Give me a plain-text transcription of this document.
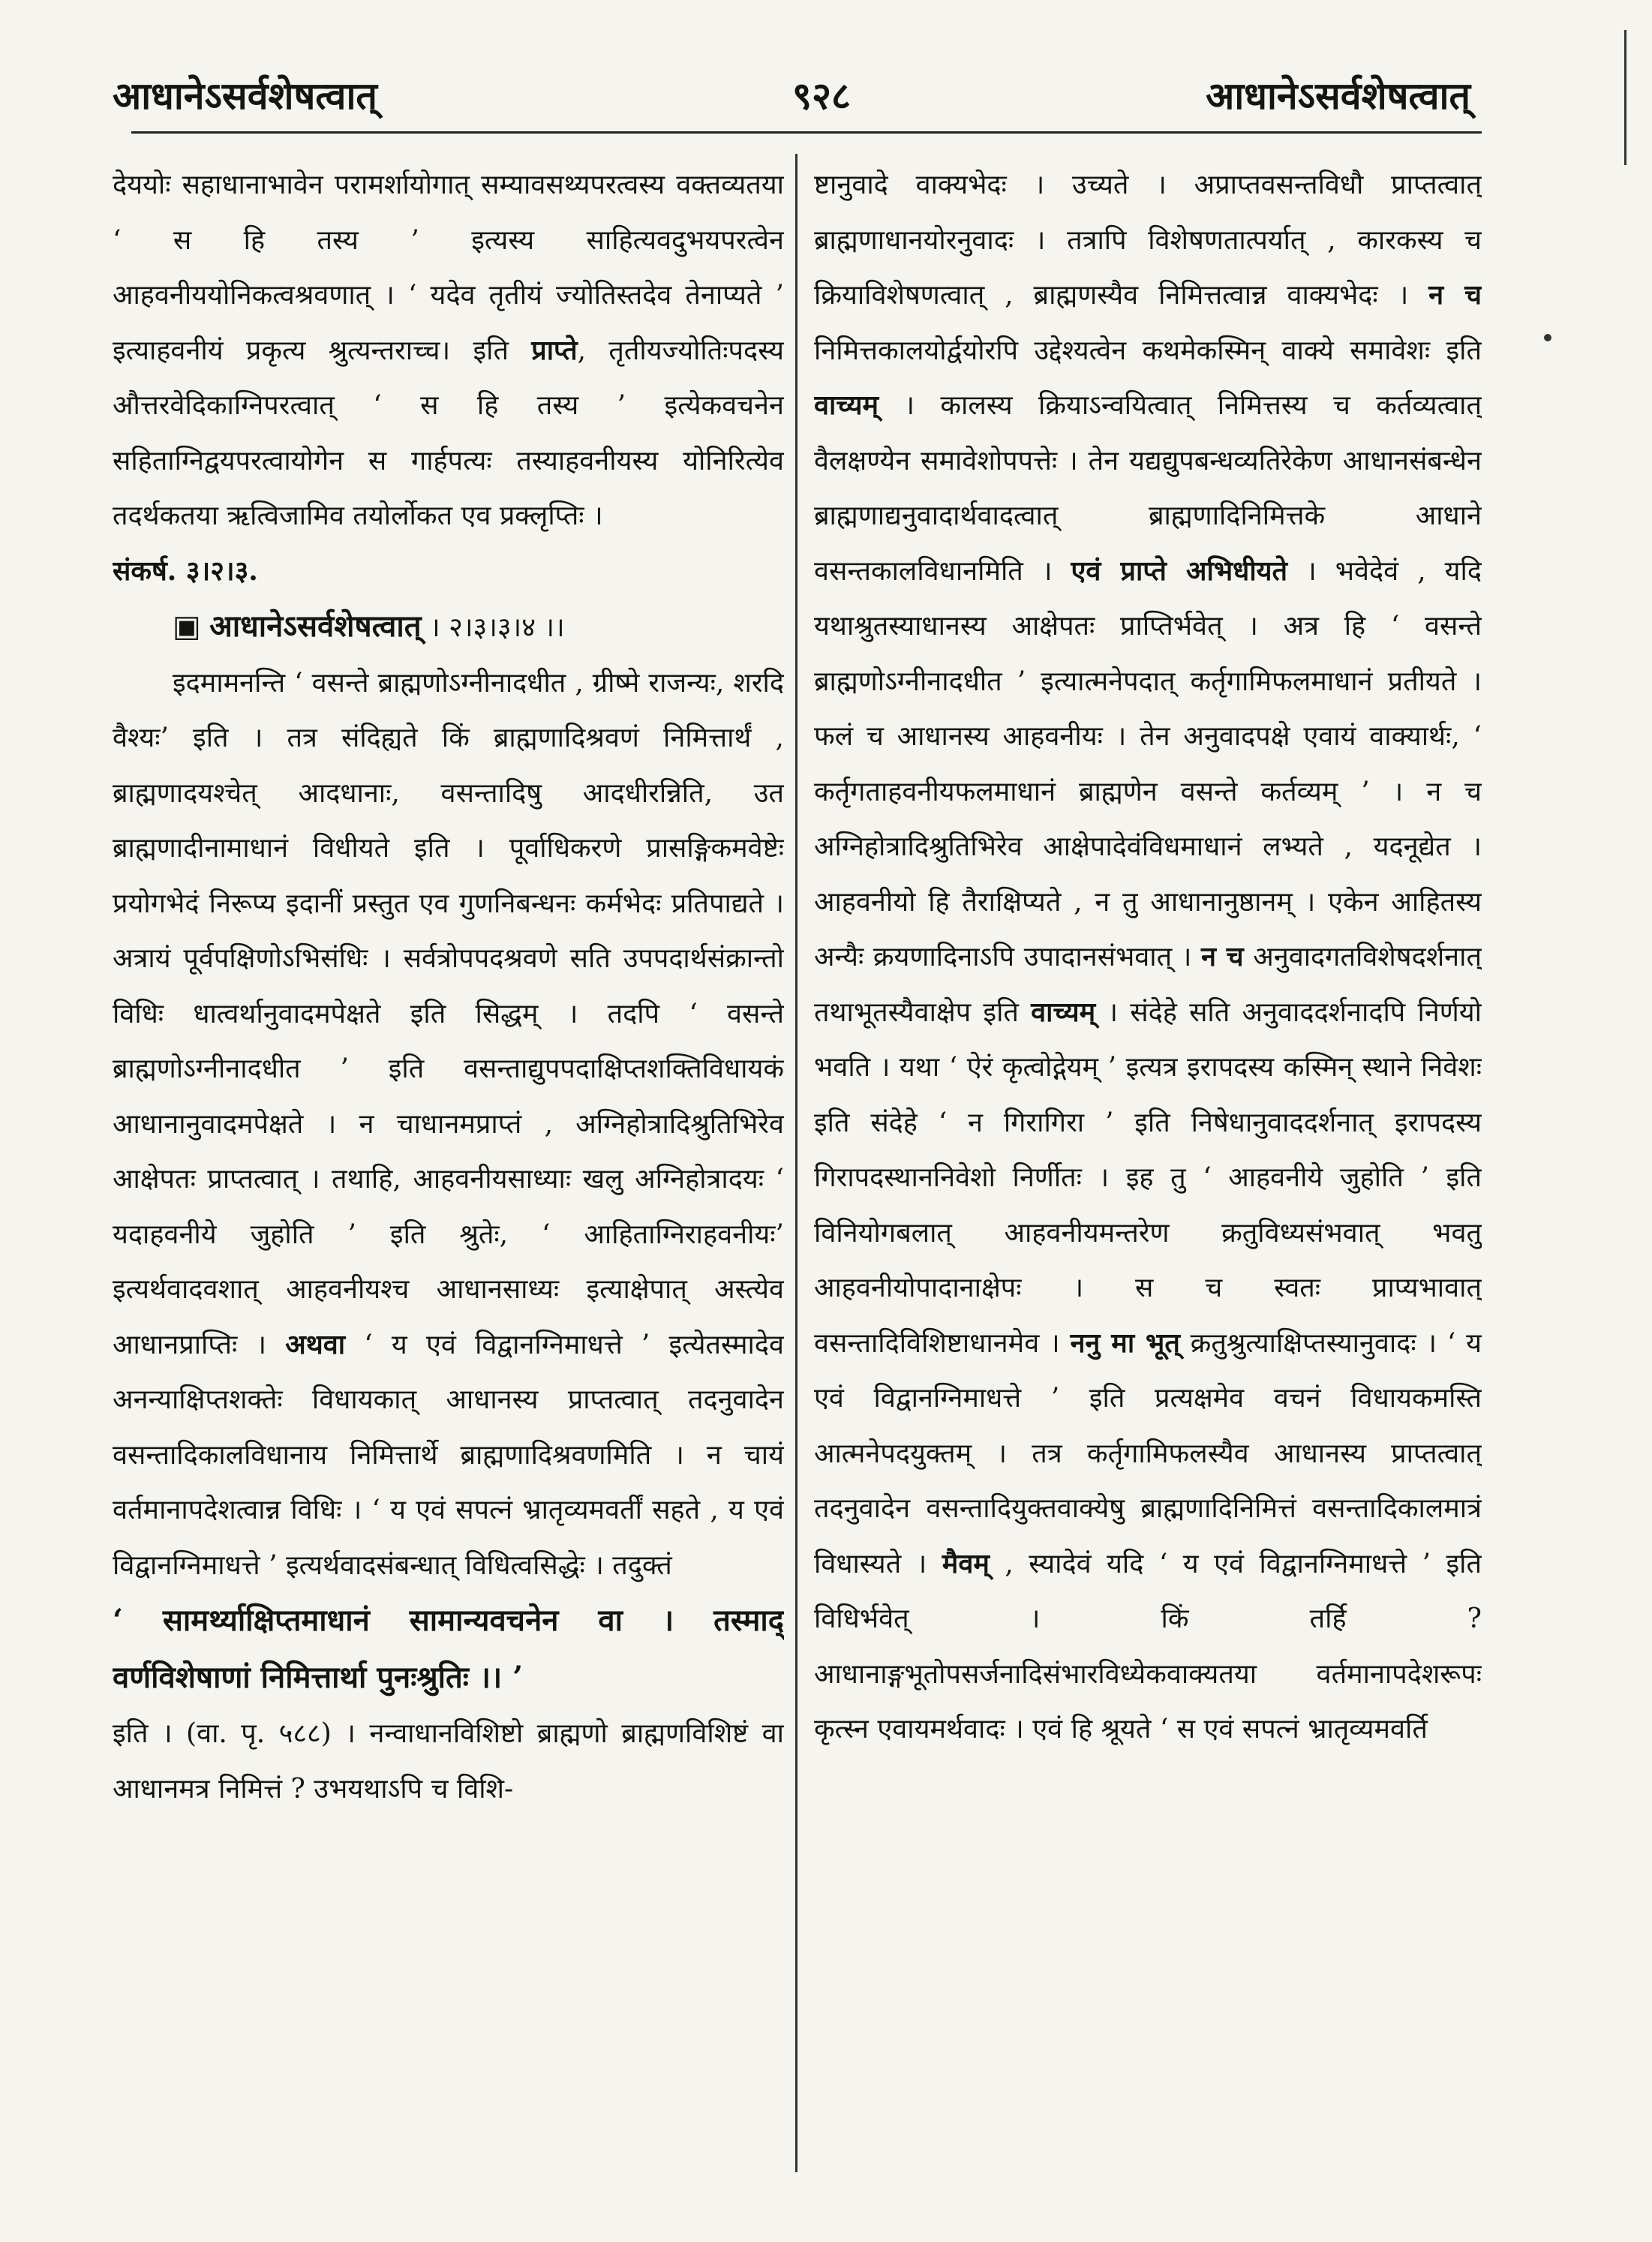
आधानेऽसर्वशेषत्वात्	९२८	आधानेऽसर्वशेषत्वात्

देययोः सहाधानाभावेन परामर्शायोगात् सम्यावसथ्यपरत्वस्य वक्तव्यतया ‘ स हि तस्य ’ इत्यस्य साहित्यवदुभयपरत्वेन आहवनीययोनिकत्वश्रवणात् । ‘ यदेव तृतीयं ज्योतिस्तदेव तेनाप्यते ’ इत्याहवनीयं प्रकृत्य श्रुत्यन्तराच्च। इति प्राप्ते, तृतीयज्योतिःपदस्य औत्तरवेदिकाग्निपरत्वात् ‘ स हि तस्य ’ इत्येकवचनेन सहिताग्निद्वयपरत्वायोगेन स गार्हपत्यः तस्याहवनीयस्य योनिरित्येव तदर्थकतया ऋत्विजामिव तयोर्लोकत एव प्रक्लृप्तिः ।

संकर्ष. ३।२।३.

▣ आधानेऽसर्वशेषत्वात् । २।३।३।४ ।।

इदमामनन्ति ‘ वसन्ते ब्राह्मणोऽग्नीनादधीत , ग्रीष्मे राजन्यः, शरदि वैश्यः’ इति । तत्र संदिह्यते किं ब्राह्मणादिश्रवणं निमित्तार्थं , ब्राह्मणादयश्चेत् आदधानाः, वसन्तादिषु आदधीरन्निति, उत ब्राह्मणादीनामाधानं विधीयते इति । पूर्वाधिकरणे प्रासङ्गिकमवेष्टेः प्रयोगभेदं निरूप्य इदानीं प्रस्तुत एव गुणनिबन्धनः कर्मभेदः प्रतिपाद्यते । अत्रायं पूर्वपक्षिणोऽभिसंधिः । सर्वत्रोपपदश्रवणे सति उपपदार्थसंक्रान्तो विधिः धात्वर्थानुवादमपेक्षते इति सिद्धम् । तदपि ‘ वसन्ते ब्राह्मणोऽग्नीनादधीत ’ इति वसन्ताद्युपपदाक्षिप्तशक्तिविधायकं आधानानुवादमपेक्षते । न चाधानमप्राप्तं , अग्निहोत्रादिश्रुतिभिरेव आक्षेपतः प्राप्तत्वात् । तथाहि, आहवनीयसाध्याः खलु अग्निहोत्रादयः ‘ यदाहवनीये जुहोति ’ इति श्रुतेः, ‘ आहिताग्निराहवनीयः’ इत्यर्थवादवशात् आहवनीयश्च आधानसाध्यः इत्याक्षेपात् अस्त्येव आधानप्राप्तिः । अथवा ‘ य एवं विद्वानग्निमाधत्ते ’ इत्येतस्मादेव अनन्याक्षिप्तशक्तेः विधायकात् आधानस्य प्राप्तत्वात् तदनुवादेन वसन्तादिकालविधानाय निमित्तार्थे ब्राह्मणादिश्रवणमिति । न चायं वर्तमानापदेशत्वान्न विधिः । ‘ य एवं सपत्नं भ्रातृव्यमवर्तीं सहते , य एवं विद्वानग्निमाधत्ते ’ इत्यर्थवादसंबन्धात् विधित्वसिद्धेः । तदुक्तं

‘ सामर्थ्याक्षिप्तमाधानं सामान्यवचनेन वा । तस्माद् वर्णविशेषाणां निमित्तार्था पुनःश्रुतिः ।। ’

इति । (वा. पृ. ५८८) । नन्वाधानविशिष्टो ब्राह्मणो ब्राह्मणविशिष्टं वा आधानमत्र निमित्तं ? उभयथाऽपि च विशि-

ष्टानुवादे वाक्यभेदः । उच्यते । अप्राप्तवसन्तविधौ प्राप्तत्वात् ब्राह्मणाधानयोरनुवादः । तत्रापि विशेषणतात्पर्यात् , कारकस्य च क्रियाविशेषणत्वात् , ब्राह्मणस्यैव निमित्तत्वान्न वाक्यभेदः । न च निमित्तकालयोर्द्वयोरपि उद्देश्यत्वेन कथमेकस्मिन् वाक्ये समावेशः इति वाच्यम् । कालस्य क्रियाऽन्वयित्वात् निमित्तस्य च कर्तव्यत्वात् वैलक्षण्येन समावेशोपपत्तेः । तेन यद्यद्युपबन्धव्यतिरेकेण आधानसंबन्धेन ब्राह्मणाद्यनुवादार्थवादत्वात् ब्राह्मणादिनिमित्तके आधाने वसन्तकालविधानमिति । एवं प्राप्ते अभिधीयते । भवेदेवं , यदि यथाश्रुतस्याधानस्य आक्षेपतः प्राप्तिर्भवेत् । अत्र हि ‘ वसन्ते ब्राह्मणोऽग्नीनादधीत ’ इत्यात्मनेपदात् कर्तृगामिफलमाधानं प्रतीयते । फलं च आधानस्य आहवनीयः । तेन अनुवादपक्षे एवायं वाक्यार्थः, ‘ कर्तृगताहवनीयफलमाधानं ब्राह्मणेन वसन्ते कर्तव्यम् ’ । न च अग्निहोत्रादिश्रुतिभिरेव आक्षेपादेवंविधमाधानं लभ्यते , यदनूद्येत । आहवनीयो हि तैराक्षिप्यते , न तु आधानानुष्ठानम् । एकेन आहितस्य अन्यैः क्रयणादिनाऽपि उपादानसंभवात् । न च अनुवादगतविशेषदर्शनात् तथाभूतस्यैवाक्षेप इति वाच्यम् । संदेहे सति अनुवाददर्शनादपि निर्णयो भवति । यथा ‘ ऐरं कृत्वोद्गेयम् ’ इत्यत्र इरापदस्य कस्मिन् स्थाने निवेशः इति संदेहे ‘ न गिरागिरा ’ इति निषेधानुवाददर्शनात् इरापदस्य गिरापदस्थाननिवेशो निर्णीतः । इह तु ‘ आहवनीये जुहोति ’ इति विनियोगबलात् आहवनीयमन्तरेण क्रतुविध्यसंभवात् भवतु आहवनीयोपादानाक्षेपः । स च स्वतः प्राप्यभावात् वसन्तादिविशिष्टाधानमेव । ननु मा भूत् क्रतुश्रुत्याक्षिप्तस्यानुवादः । ‘ य एवं विद्वानग्निमाधत्ते ’ इति प्रत्यक्षमेव वचनं विधायकमस्ति आत्मनेपदयुक्तम् । तत्र कर्तृगामिफलस्यैव आधानस्य प्राप्तत्वात् तदनुवादेन वसन्तादियुक्तवाक्येषु ब्राह्मणादिनिमित्तं वसन्तादिकालमात्रं विधास्यते । मैवम् , स्यादेवं यदि ‘ य एवं विद्वानग्निमाधत्ते ’ इति विधिर्भवेत् । किं तर्हि ? आधानाङ्गभूतोपसर्जनादिसंभारविध्येकवाक्यतया वर्तमानापदेशरूपः कृत्स्न एवायमर्थवादः । एवं हि श्रूयते ‘ स एवं सपत्नं भ्रातृव्यमवर्ति
